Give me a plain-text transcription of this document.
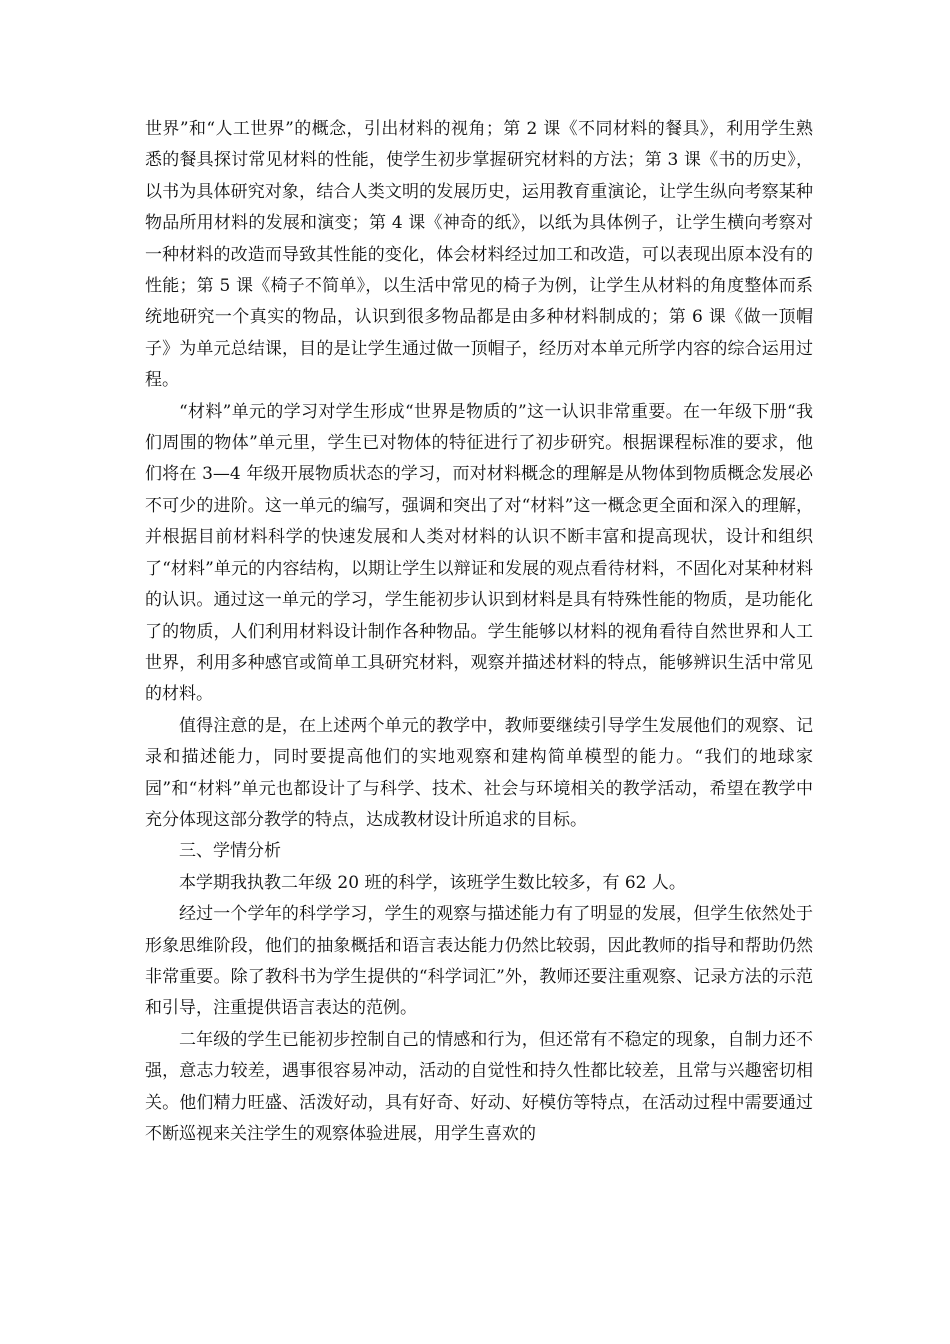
世界”和“人工世界”的概念，引出材料的视角；第 2 课《不同材料的餐具》，利用学生熟悉的餐具探讨常见材料的性能，使学生初步掌握研究材料的方法；第 3 课《书的历史》，以书为具体研究对象，结合人类文明的发展历史，运用教育重演论，让学生纵向考察某种物品所用材料的发展和演变；第 4 课《神奇的纸》，以纸为具体例子，让学生横向考察对一种材料的改造而导致其性能的变化，体会材料经过加工和改造，可以表现出原本没有的性能；第 5 课《椅子不简单》，以生活中常见的椅子为例，让学生从材料的角度整体而系统地研究一个真实的物品，认识到很多物品都是由多种材料制成的；第 6 课《做一顶帽子》为单元总结课，目的是让学生通过做一顶帽子，经历对本单元所学内容的综合运用过程。

“材料”单元的学习对学生形成“世界是物质的”这一认识非常重要。在一年级下册“我们周围的物体”单元里，学生已对物体的特征进行了初步研究。根据课程标准的要求，他们将在 3—4 年级开展物质状态的学习，而对材料概念的理解是从物体到物质概念发展必不可少的进阶。这一单元的编写，强调和突出了对“材料”这一概念更全面和深入的理解，并根据目前材料科学的快速发展和人类对材料的认识不断丰富和提高现状，设计和组织了“材料”单元的内容结构，以期让学生以辩证和发展的观点看待材料，不固化对某种材料的认识。通过这一单元的学习，学生能初步认识到材料是具有特殊性能的物质，是功能化了的物质，人们利用材料设计制作各种物品。学生能够以材料的视角看待自然世界和人工世界，利用多种感官或简单工具研究材料，观察并描述材料的特点，能够辨识生活中常见的材料。

值得注意的是，在上述两个单元的教学中，教师要继续引导学生发展他们的观察、记录和描述能力，同时要提高他们的实地观察和建构简单模型的能力。“我们的地球家园”和“材料”单元也都设计了与科学、技术、社会与环境相关的教学活动，希望在教学中充分体现这部分教学的特点，达成教材设计所追求的目标。

三、学情分析

本学期我执教二年级 20 班的科学，该班学生数比较多，有 62 人。

经过一个学年的科学学习，学生的观察与描述能力有了明显的发展，但学生依然处于形象思维阶段，他们的抽象概括和语言表达能力仍然比较弱，因此教师的指导和帮助仍然非常重要。除了教科书为学生提供的“科学词汇”外，教师还要注重观察、记录方法的示范和引导，注重提供语言表达的范例。

二年级的学生已能初步控制自己的情感和行为，但还常有不稳定的现象，自制力还不强，意志力较差，遇事很容易冲动，活动的自觉性和持久性都比较差，且常与兴趣密切相关。他们精力旺盛、活泼好动，具有好奇、好动、好模仿等特点，在活动过程中需要通过不断巡视来关注学生的观察体验进展，用学生喜欢的
